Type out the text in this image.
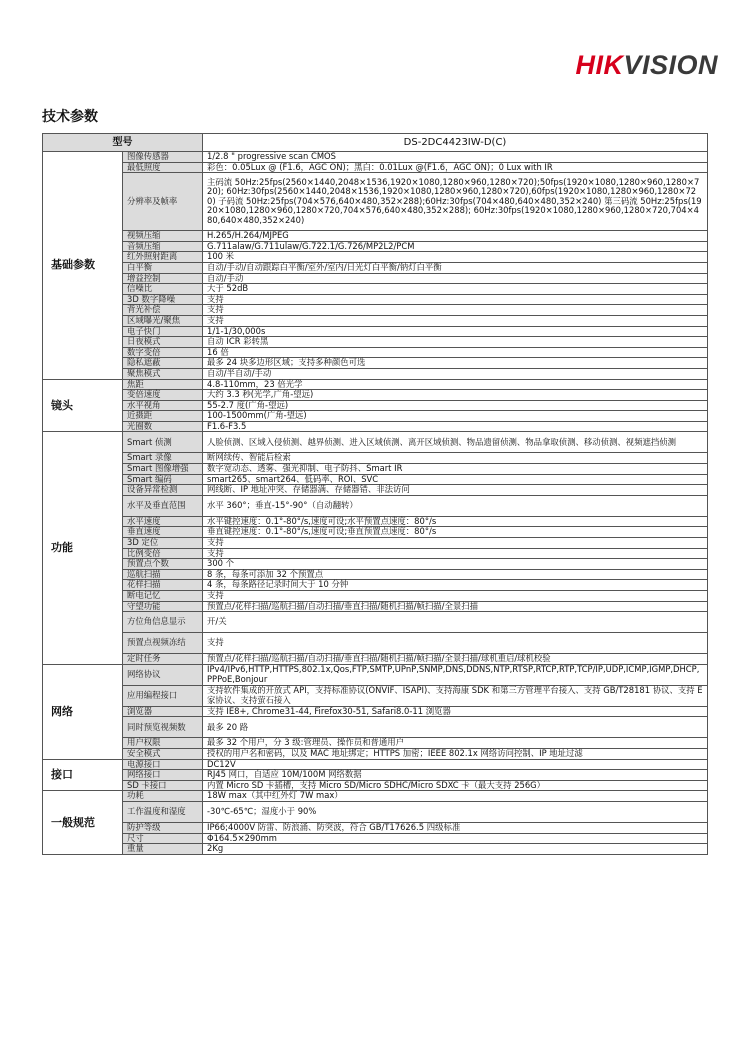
HIK VISION
技术参数
型号		DS-2DC4423IW-D(C)
基础参数	图像传感器	1/2.8 " progressive scan CMOS
	最低照度	彩色：0.05Lux @ (F1.6，AGC ON)；黑白：0.01Lux @(F1.6，AGC ON)；0 Lux with IR
	分辨率及帧率	主码流 50Hz:25fps(2560×1440,2048×1536,1920×1080,1280×960,1280×720);50fps(1920×1080,1280×960,1280×720); 60Hz:30fps(2560×1440,2048×1536,1920×1080,1280×960,1280×720),60fps(1920×1080,1280×960,1280×720) 子码流 50Hz:25fps(704×576,640×480,352×288);60Hz:30fps(704×480,640×480,352×240) 第三码流 50Hz:25fps(1920×1080,1280×960,1280×720,704×576,640×480,352×288); 60Hz:30fps(1920×1080,1280×960,1280×720,704×480,640×480,352×240)
	视频压缩	H.265/H.264/MJPEG
	音频压缩	G.711alaw/G.711ulaw/G.722.1/G.726/MP2L2/PCM
	红外照射距离	100 米
	白平衡	自动/手动/自动跟踪白平衡/室外/室内/日光灯白平衡/钠灯白平衡
	增益控制	自动/手动
	信噪比	大于 52dB
	3D 数字降噪	支持
	背光补偿	支持
	区域曝光/聚焦	支持
	电子快门	1/1-1/30,000s
	日夜模式	自动 ICR 彩转黑
	数字变倍	16 倍
	隐私遮蔽	最多 24 块多边形区域；支持多种颜色可选
	聚焦模式	自动/半自动/手动
镜头	焦距	4.8-110mm，23 倍光学
	变倍速度	大约 3.3 秒(光学,广角-望远)
	水平视角	55-2.7 度(广角-望远)
	近摄距	100-1500mm(广角-望远)
	光圈数	F1.6-F3.5
功能	Smart 侦测	人脸侦测、区域入侵侦测、越界侦测、进入区域侦测、离开区域侦测、物品遗留侦测、物品拿取侦测、移动侦测、视频遮挡侦测
	Smart 录像	断网续传、智能后检索
	Smart 图像增强	数字宽动态、透雾、强光抑制、电子防抖、Smart IR
	Smart 编码	smart265、smart264、低码率、ROI、SVC
	设备异常检测	网线断、IP 地址冲突、存储器满、存储器错、非法访问
	水平及垂直范围	水平 360°；垂直-15°-90°（自动翻转）
	水平速度	水平键控速度：0.1°-80°/s,速度可设;水平预置点速度：80°/s
	垂直速度	垂直键控速度：0.1°-80°/s,速度可设;垂直预置点速度：80°/s
	3D 定位	支持
	比例变倍	支持
	预置点个数	300 个
	巡航扫描	8 条，每条可添加 32 个预置点
	花样扫描	4 条，每条路径记录时间大于 10 分钟
	断电记忆	支持
	守望功能	预置点/花样扫描/巡航扫描/自动扫描/垂直扫描/随机扫描/帧扫描/全景扫描
	方位角信息显示	开/关
	预置点视频冻结	支持
	定时任务	预置点/花样扫描/巡航扫描/自动扫描/垂直扫描/随机扫描/帧扫描/全景扫描/球机重启/球机校验
网络	网络协议	IPv4/IPv6,HTTP,HTTPS,802.1x,Qos,FTP,SMTP,UPnP,SNMP,DNS,DDNS,NTP,RTSP,RTCP,RTP,TCP/IP,UDP,ICMP,IGMP,DHCP,PPPoE,Bonjour
	应用编程接口	支持软件集成的开放式 API，支持标准协议(ONVIF、ISAPI)、支持海康 SDK 和第三方管理平台接入、支持 GB/T28181 协议、支持 E 家协议、支持萤石接入
	浏览器	支持 IE8+, Chrome31-44, Firefox30-51, Safari8.0-11 浏览器
	同时预览视频数	最多 20 路
	用户权限	最多 32 个用户，分 3 级:管理员、操作员和普通用户
	安全模式	授权的用户名和密码，以及 MAC 地址绑定；HTTPS 加密；IEEE 802.1x 网络访问控制、IP 地址过滤
接口	电源接口	DC12V
	网络接口	RJ45 网口，自适应 10M/100M 网络数据
	SD 卡接口	内置 Micro SD 卡插槽，支持 Micro SD/Micro SDHC/Micro SDXC 卡（最大支持 256G）
一般规范	功耗	18W max（其中红外灯 7W max）
	工作温度和湿度	-30℃-65℃；湿度小于 90%
	防护等级	IP66;4000V 防雷、防浪涌、防突波，符合 GB/T17626.5 四级标准
	尺寸	Φ164.5×290mm
	重量	2Kg
